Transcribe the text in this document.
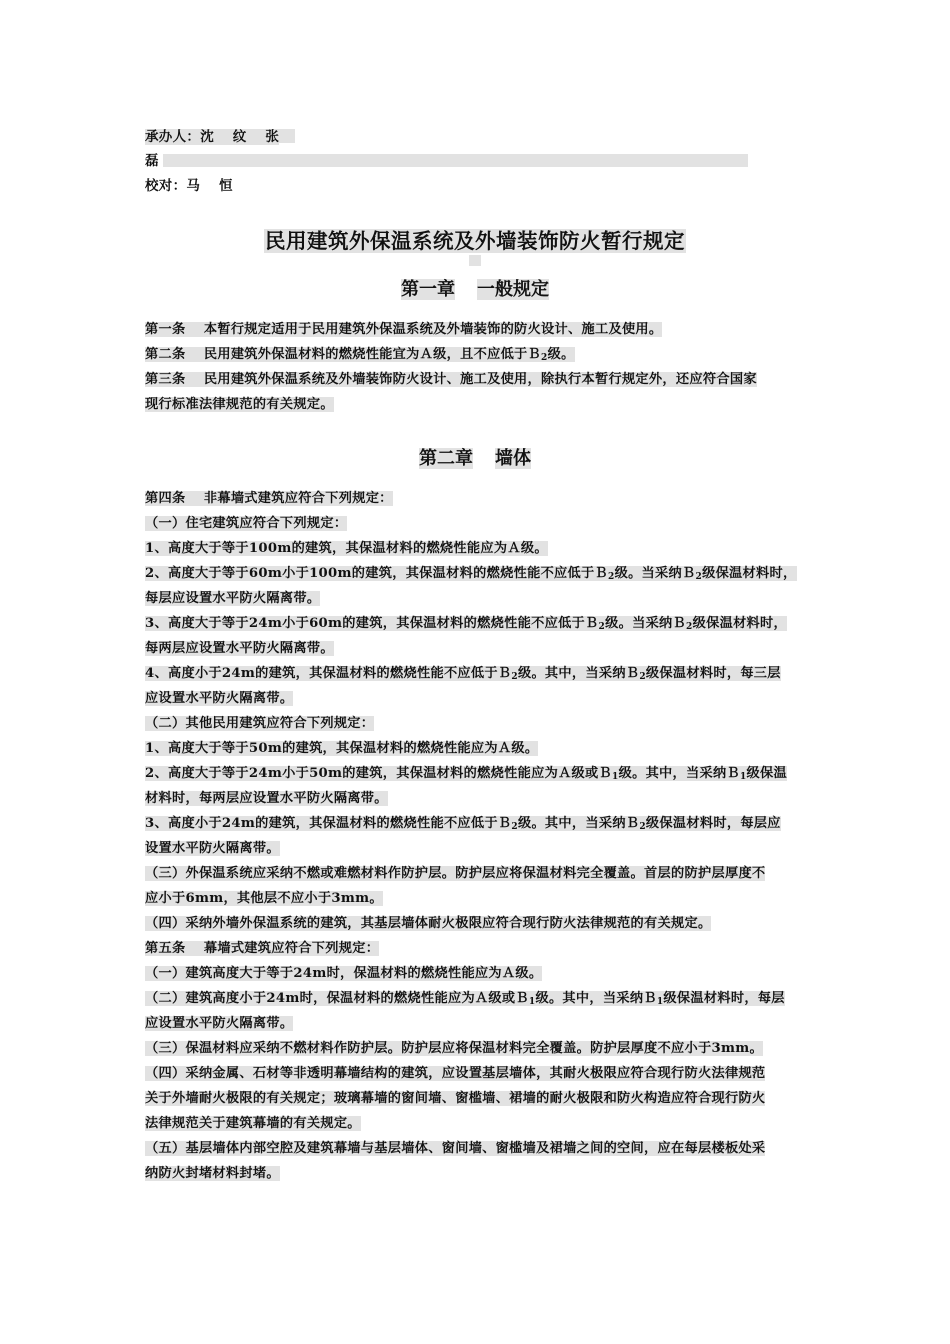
承办人：沈　 纹　 张
磊
校对：马　 恒
民用建筑外保温系统及外墙装饰防火暂行规定
第一章 一般规定
第一条　 本暂行规定适用于民用建筑外保温系统及外墙装饰的防火设计、施工及使用。
第二条　 民用建筑外保温材料的燃烧性能宜为Ａ级，且不应低于Ｂ$_2$级。
第三条　 民用建筑外保温系统及外墙装饰防火设计、施工及使用，除执行本暂行规定外，还应符合国家
现行标准法律规范的有关规定。
第二章 墙体
第四条　 非幕墙式建筑应符合下列规定：
（一）住宅建筑应符合下列规定：
1、高度大于等于100m的建筑，其保温材料的燃烧性能应为Ａ级。
2、高度大于等于60m小于100m的建筑，其保温材料的燃烧性能不应低于Ｂ$_2$级。当采纳Ｂ$_2$级保温材料时，
每层应设置水平防火隔离带。
3、高度大于等于24m小于60m的建筑，其保温材料的燃烧性能不应低于Ｂ$_2$级。当采纳Ｂ$_2$级保温材料时，
每两层应设置水平防火隔离带。
4、高度小于24m的建筑，其保温材料的燃烧性能不应低于Ｂ$_2$级。其中，当采纳Ｂ$_2$级保温材料时，每三层
应设置水平防火隔离带。
（二）其他民用建筑应符合下列规定：
1、高度大于等于50m的建筑，其保温材料的燃烧性能应为Ａ级。
2、高度大于等于24m小于50m的建筑，其保温材料的燃烧性能应为Ａ级或Ｂ$_1$级。其中，当采纳Ｂ$_1$级保温
材料时，每两层应设置水平防火隔离带。
3、高度小于24m的建筑，其保温材料的燃烧性能不应低于Ｂ$_2$级。其中，当采纳Ｂ$_2$级保温材料时，每层应
设置水平防火隔离带。
（三）外保温系统应采纳不燃或难燃材料作防护层。防护层应将保温材料完全覆盖。首层的防护层厚度不
应小于6mm，其他层不应小于3mm。
（四）采纳外墙外保温系统的建筑，其基层墙体耐火极限应符合现行防火法律规范的有关规定。
第五条　 幕墙式建筑应符合下列规定：
（一）建筑高度大于等于24m时，保温材料的燃烧性能应为Ａ级。
（二）建筑高度小于24m时，保温材料的燃烧性能应为Ａ级或Ｂ$_1$级。其中，当采纳Ｂ$_1$级保温材料时，每层
应设置水平防火隔离带。
（三）保温材料应采纳不燃材料作防护层。防护层应将保温材料完全覆盖。防护层厚度不应小于3mm。
（四）采纳金属、石材等非透明幕墙结构的建筑，应设置基层墙体，其耐火极限应符合现行防火法律规范
关于外墙耐火极限的有关规定；玻璃幕墙的窗间墙、窗槛墙、裙墙的耐火极限和防火构造应符合现行防火
法律规范关于建筑幕墙的有关规定。
（五）基层墙体内部空腔及建筑幕墙与基层墙体、窗间墙、窗槛墙及裙墙之间的空间，应在每层楼板处采
纳防火封堵材料封堵。
